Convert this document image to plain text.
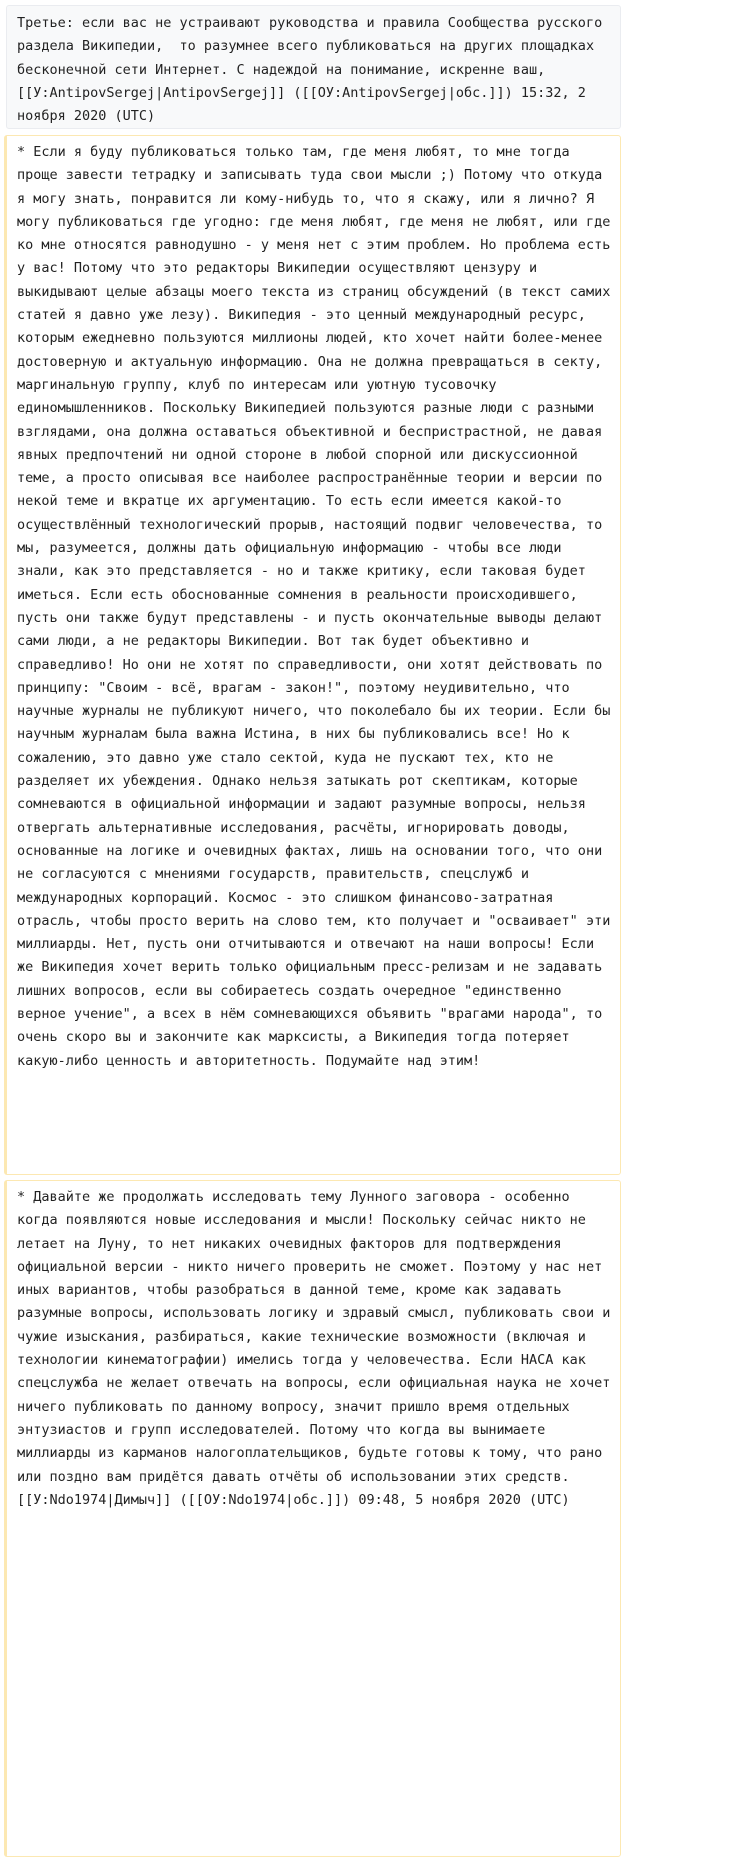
Третье: если вас не устраивают руководства и правила Сообщества русского раздела Википедии,  то разумнее всего публиковаться на других площадках бесконечной сети Интернет. С надеждой на понимание, искренне ваш, [[У:AntipovSergej|AntipovSergej]] ([[ОУ:AntipovSergej|обс.]]) 15:32, 2 ноября 2020 (UTC)
* Если я буду публиковаться только там, где меня любят, то мне тогда проще завести тетрадку и записывать туда свои мысли ;) Потому что откуда я могу знать, понравится ли кому-нибудь то, что я скажу, или я лично? Я могу публиковаться где угодно: где меня любят, где меня не любят, или где ко мне относятся равнодушно - у меня нет с этим проблем. Но проблема есть у вас! Потому что это редакторы Википедии осуществляют цензуру и выкидывают целые абзацы моего текста из страниц обсуждений (в текст самих статей я давно уже лезу). Википедия - это ценный международный ресурс, которым ежедневно пользуются миллионы людей, кто хочет найти более-менее достоверную и актуальную информацию. Она не должна превращаться в секту, маргинальную группу, клуб по интересам или уютную тусовочку единомышленников. Поскольку Википедией пользуются разные люди с разными взглядами, она должна оставаться объективной и беспристрастной, не давая явных предпочтений ни одной стороне в любой спорной или дискуссионной теме, а просто описывая все наиболее распространённые теории и версии по некой теме и вкратце их аргументацию. То есть если имеется какой-то осуществлённый технологический прорыв, настоящий подвиг человечества, то мы, разумеется, должны дать официальную информацию - чтобы все люди знали, как это представляется - но и также критику, если таковая будет иметься. Если есть обоснованные сомнения в реальности происходившего, пусть они также будут представлены - и пусть окончательные выводы делают сами люди, а не редакторы Википедии. Вот так будет объективно и справедливо! Но они не хотят по справедливости, они хотят действовать по принципу: "Своим - всё, врагам - закон!", поэтому неудивительно, что научные журналы не публикуют ничего, что поколебало бы их теории. Если бы научным журналам была важна Истина, в них бы публиковались все! Но к сожалению, это давно уже стало сектой, куда не пускают тех, кто не разделяет их убеждения. Однако нельзя затыкать рот скептикам, которые сомневаются в официальной информации и задают разумные вопросы, нельзя отвергать альтернативные исследования, расчёты, игнорировать доводы, основанные на логике и очевидных фактах, лишь на основании того, что они не согласуются с мнениями государств, правительств, спецслужб и международных корпораций. Космос - это слишком финансово-затратная отрасль, чтобы просто верить на слово тем, кто получает и "осваивает" эти миллиарды. Нет, пусть они отчитываются и отвечают на наши вопросы! Если же Википедия хочет верить только официальным пресс-релизам и не задавать лишних вопросов, если вы собираетесь создать очередное "единственно верное учение", а всех в нём сомневающихся объявить "врагами народа", то очень скоро вы и закончите как марксисты, а Википедия тогда потеряет какую-либо ценность и авторитетность. Подумайте над этим!
* Давайте же продолжать исследовать тему Лунного заговора - особенно когда появляются новые исследования и мысли! Поскольку сейчас никто не летает на Луну, то нет никаких очевидных факторов для подтверждения официальной версии - никто ничего проверить не сможет. Поэтому у нас нет иных вариантов, чтобы разобраться в данной теме, кроме как задавать разумные вопросы, использовать логику и здравый смысл, публиковать свои и чужие изыскания, разбираться, какие технические возможности (включая и технологии кинематографии) имелись тогда у человечества. Если НАСА как спецслужба не желает отвечать на вопросы, если официальная наука не хочет ничего публиковать по данному вопросу, значит пришло время отдельных энтузиастов и групп исследователей. Потому что когда вы вынимаете миллиарды из карманов налогоплательщиков, будьте готовы к тому, что рано или поздно вам придётся давать отчёты об использовании этих средств.  [[У:Ndo1974|Димыч]] ([[ОУ:Ndo1974|обс.]]) 09:48, 5 ноября 2020 (UTC)
